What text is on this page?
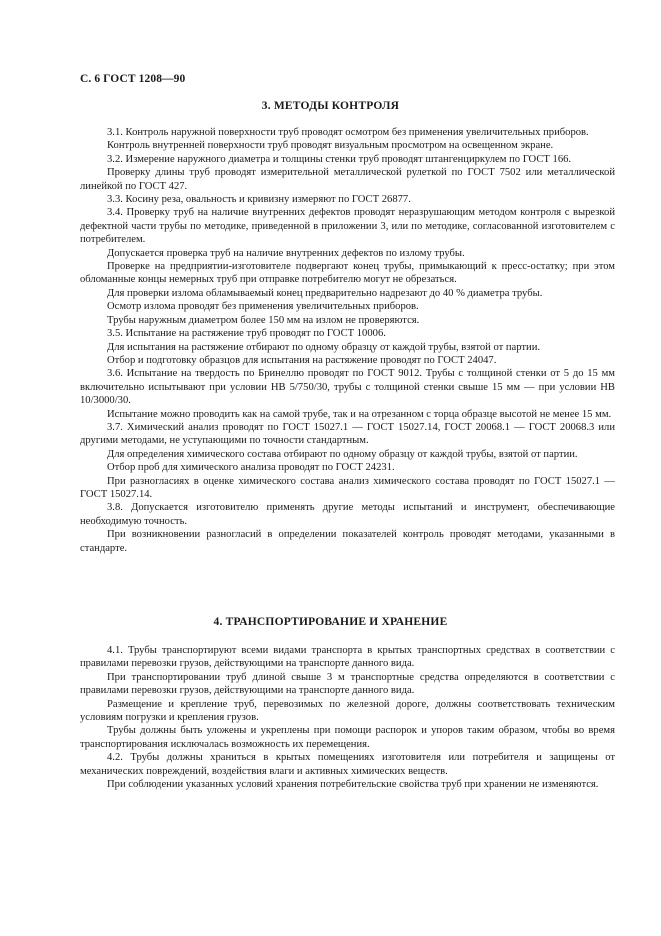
С. 6 ГОСТ 1208—90
3. МЕТОДЫ КОНТРОЛЯ

3.1. Контроль наружной поверхности труб проводят осмотром без применения увеличительных приборов.

Контроль внутренней поверхности труб проводят визуальным просмотром на освещенном экране.

3.2. Измерение наружного диаметра и толщины стенки труб проводят штангенциркулем по ГОСТ 166.

Проверку длины труб проводят измерительной металлической рулеткой по ГОСТ 7502 или металлической линейкой по ГОСТ 427.

3.3. Косину реза, овальность и кривизну измеряют по ГОСТ 26877.

3.4. Проверку труб на наличие внутренних дефектов проводят неразрушающим методом контроля с вырезкой дефектной части трубы по методике, приведенной в приложении 3, или по методике, согласованной изготовителем с потребителем.

Допускается проверка труб на наличие внутренних дефектов по излому трубы.

Проверке на предприятии-изготовителе подвергают конец трубы, примыкающий к пресс-остатку; при этом обломанные концы немерных труб при отправке потребителю могут не обрезаться.

Для проверки излома обламываемый конец предварительно надрезают до 40 % диаметра трубы.

Осмотр излома проводят без применения увеличительных приборов.

Трубы наружным диаметром более 150 мм на излом не проверяются.

3.5. Испытание на растяжение труб проводят по ГОСТ 10006.

Для испытания на растяжение отбирают по одному образцу от каждой трубы, взятой от партии.

Отбор и подготовку образцов для испытания на растяжение проводят по ГОСТ 24047.

3.6. Испытание на твердость по Бринеллю проводят по ГОСТ 9012. Трубы с толщиной стенки от 5 до 15 мм включительно испытывают при условии НВ 5/750/30, трубы с толщиной стенки свыше 15 мм — при условии НВ 10/3000/30.

Испытание можно проводить как на самой трубе, так и на отрезанном с торца образце высотой не менее 15 мм.

3.7. Химический анализ проводят по ГОСТ 15027.1 — ГОСТ 15027.14, ГОСТ 20068.1 — ГОСТ 20068.3 или другими методами, не уступающими по точности стандартным.

Для определения химического состава отбирают по одному образцу от каждой трубы, взятой от партии.

Отбор проб для химического анализа проводят по ГОСТ 24231.

При разногласиях в оценке химического состава анализ химического состава проводят по ГОСТ 15027.1 — ГОСТ 15027.14.

3.8. Допускается изготовителю применять другие методы испытаний и инструмент, обеспечивающие необходимую точность.

При возникновении разногласий в определении показателей контроль проводят методами, указанными в стандарте.

4. ТРАНСПОРТИРОВАНИЕ И ХРАНЕНИЕ

4.1. Трубы транспортируют всеми видами транспорта в крытых транспортных средствах в соответствии с правилами перевозки грузов, действующими на транспорте данного вида.

При транспортировании труб длиной свыше 3 м транспортные средства определяются в соответствии с правилами перевозки грузов, действующими на транспорте данного вида.

Размещение и крепление труб, перевозимых по железной дороге, должны соответствовать техническим условиям погрузки и крепления грузов.

Трубы должны быть уложены и укреплены при помощи распорок и упоров таким образом, чтобы во время транспортирования исключалась возможность их перемещения.

4.2. Трубы должны храниться в крытых помещениях изготовителя или потребителя и защищены от механических повреждений, воздействия влаги и активных химических веществ.

При соблюдении указанных условий хранения потребительские свойства труб при хранении не изменяются.
